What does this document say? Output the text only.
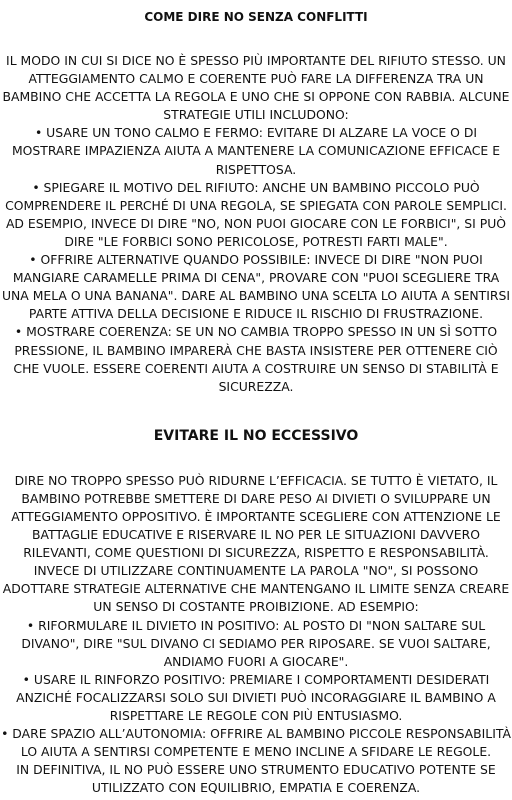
COME DIRE NO SENZA CONFLITTI

IL MODO IN CUI SI DICE NO È SPESSO PIÙ IMPORTANTE DEL RIFIUTO STESSO. UN ATTEGGIAMENTO CALMO E COERENTE PUÒ FARE LA DIFFERENZA TRA UN BAMBINO CHE ACCETTA LA REGOLA E UNO CHE SI OPPONE CON RABBIA. ALCUNE STRATEGIE UTILI INCLUDONO:

• USARE UN TONO CALMO E FERMO: EVITARE DI ALZARE LA VOCE O DI MOSTRARE IMPAZIENZA AIUTA A MANTENERE LA COMUNICAZIONE EFFICACE E RISPETTOSA.

• SPIEGARE IL MOTIVO DEL RIFIUTO: ANCHE UN BAMBINO PICCOLO PUÒ COMPRENDERE IL PERCHÉ DI UNA REGOLA, SE SPIEGATA CON PAROLE SEMPLICI. AD ESEMPIO, INVECE DI DIRE "NO, NON PUOI GIOCARE CON LE FORBICI", SI PUÒ DIRE "LE FORBICI SONO PERICOLOSE, POTRESTI FARTI MALE".

• OFFRIRE ALTERNATIVE QUANDO POSSIBILE: INVECE DI DIRE "NON PUOI MANGIARE CARAMELLE PRIMA DI CENA", PROVARE CON "PUOI SCEGLIERE TRA UNA MELA O UNA BANANA". DARE AL BAMBINO UNA SCELTA LO AIUTA A SENTIRSI PARTE ATTIVA DELLA DECISIONE E RIDUCE IL RISCHIO DI FRUSTRAZIONE.

• MOSTRARE COERENZA: SE UN NO CAMBIA TROPPO SPESSO IN UN SÌ SOTTO PRESSIONE, IL BAMBINO IMPARERÀ CHE BASTA INSISTERE PER OTTENERE CIÒ CHE VUOLE. ESSERE COERENTI AIUTA A COSTRUIRE UN SENSO DI STABILITÀ E SICUREZZA.

EVITARE IL NO ECCESSIVO

DIRE NO TROPPO SPESSO PUÒ RIDURNE L’EFFICACIA. SE TUTTO È VIETATO, IL BAMBINO POTREBBE SMETTERE DI DARE PESO AI DIVIETI O SVILUPPARE UN ATTEGGIAMENTO OPPOSITIVO. È IMPORTANTE SCEGLIERE CON ATTENZIONE LE BATTAGLIE EDUCATIVE E RISERVARE IL NO PER LE SITUAZIONI DAVVERO RILEVANTI, COME QUESTIONI DI SICUREZZA, RISPETTO E RESPONSABILITÀ.

INVECE DI UTILIZZARE CONTINUAMENTE LA PAROLA "NO", SI POSSONO ADOTTARE STRATEGIE ALTERNATIVE CHE MANTENGANO IL LIMITE SENZA CREARE UN SENSO DI COSTANTE PROIBIZIONE. AD ESEMPIO:

• RIFORMULARE IL DIVIETO IN POSITIVO: AL POSTO DI "NON SALTARE SUL DIVANO", DIRE "SUL DIVANO CI SEDIAMO PER RIPOSARE. SE VUOI SALTARE, ANDIAMO FUORI A GIOCARE".

• USARE IL RINFORZO POSITIVO: PREMIARE I COMPORTAMENTI DESIDERATI ANZICHÉ FOCALIZZARSI SOLO SUI DIVIETI PUÒ INCORAGGIARE IL BAMBINO A RISPETTARE LE REGOLE CON PIÙ ENTUSIASMO.

• DARE SPAZIO ALL’AUTONOMIA: OFFRIRE AL BAMBINO PICCOLE RESPONSABILITÀ LO AIUTA A SENTIRSI COMPETENTE E MENO INCLINE A SFIDARE LE REGOLE.

IN DEFINITIVA, IL NO PUÒ ESSERE UNO STRUMENTO EDUCATIVO POTENTE SE UTILIZZATO CON EQUILIBRIO, EMPATIA E COERENZA.
